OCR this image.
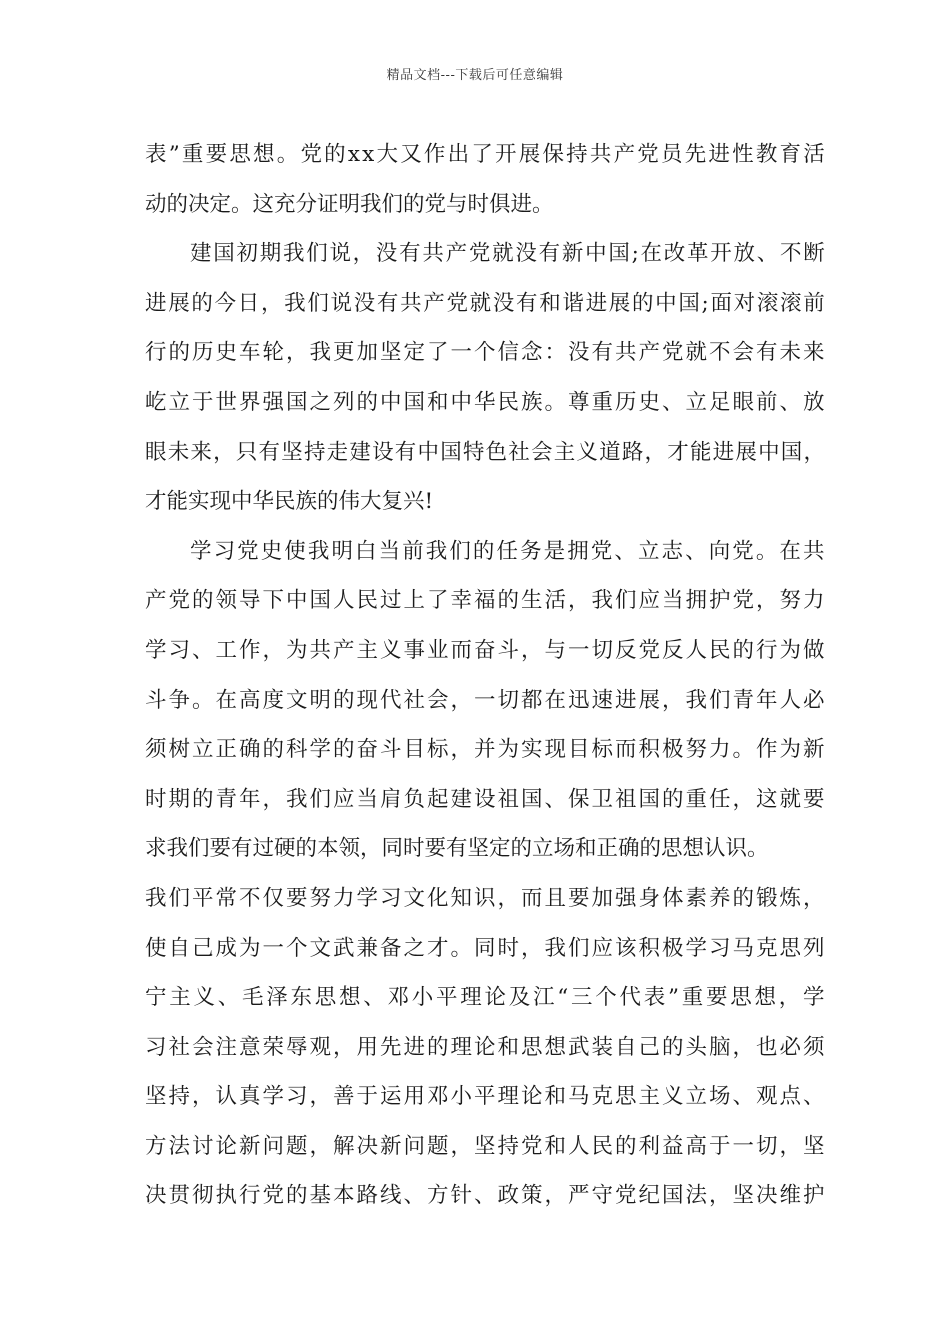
精品文档---下载后可任意编辑
表”重要思想。党的xx大又作出了开展保持共产党员先进性教育活
动的决定。这充分证明我们的党与时俱进。
建国初期我们说，没有共产党就没有新中国;在改革开放、不断
进展的今日，我们说没有共产党就没有和谐进展的中国;面对滚滚前
行的历史车轮，我更加坚定了一个信念：没有共产党就不会有未来
屹立于世界强国之列的中国和中华民族。尊重历史、立足眼前、放
眼未来，只有坚持走建设有中国特色社会主义道路，才能进展中国，
才能实现中华民族的伟大复兴!
学习党史使我明白当前我们的任务是拥党、立志、向党。在共
产党的领导下中国人民过上了幸福的生活，我们应当拥护党，努力
学习、工作，为共产主义事业而奋斗，与一切反党反人民的行为做
斗争。在高度文明的现代社会，一切都在迅速进展，我们青年人必
须树立正确的科学的奋斗目标，并为实现目标而积极努力。作为新
时期的青年，我们应当肩负起建设祖国、保卫祖国的重任，这就要
求我们要有过硬的本领，同时要有坚定的立场和正确的思想认识。
我们平常不仅要努力学习文化知识，而且要加强身体素养的锻炼，
使自己成为一个文武兼备之才。同时，我们应该积极学习马克思列
宁主义、毛泽东思想、邓小平理论及江“三个代表”重要思想，学
习社会注意荣辱观，用先进的理论和思想武装自己的头脑，也必须
坚持，认真学习，善于运用邓小平理论和马克思主义立场、观点、
方法讨论新问题，解决新问题，坚持党和人民的利益高于一切，坚
决贯彻执行党的基本路线、方针、政策，严守党纪国法，坚决维护
